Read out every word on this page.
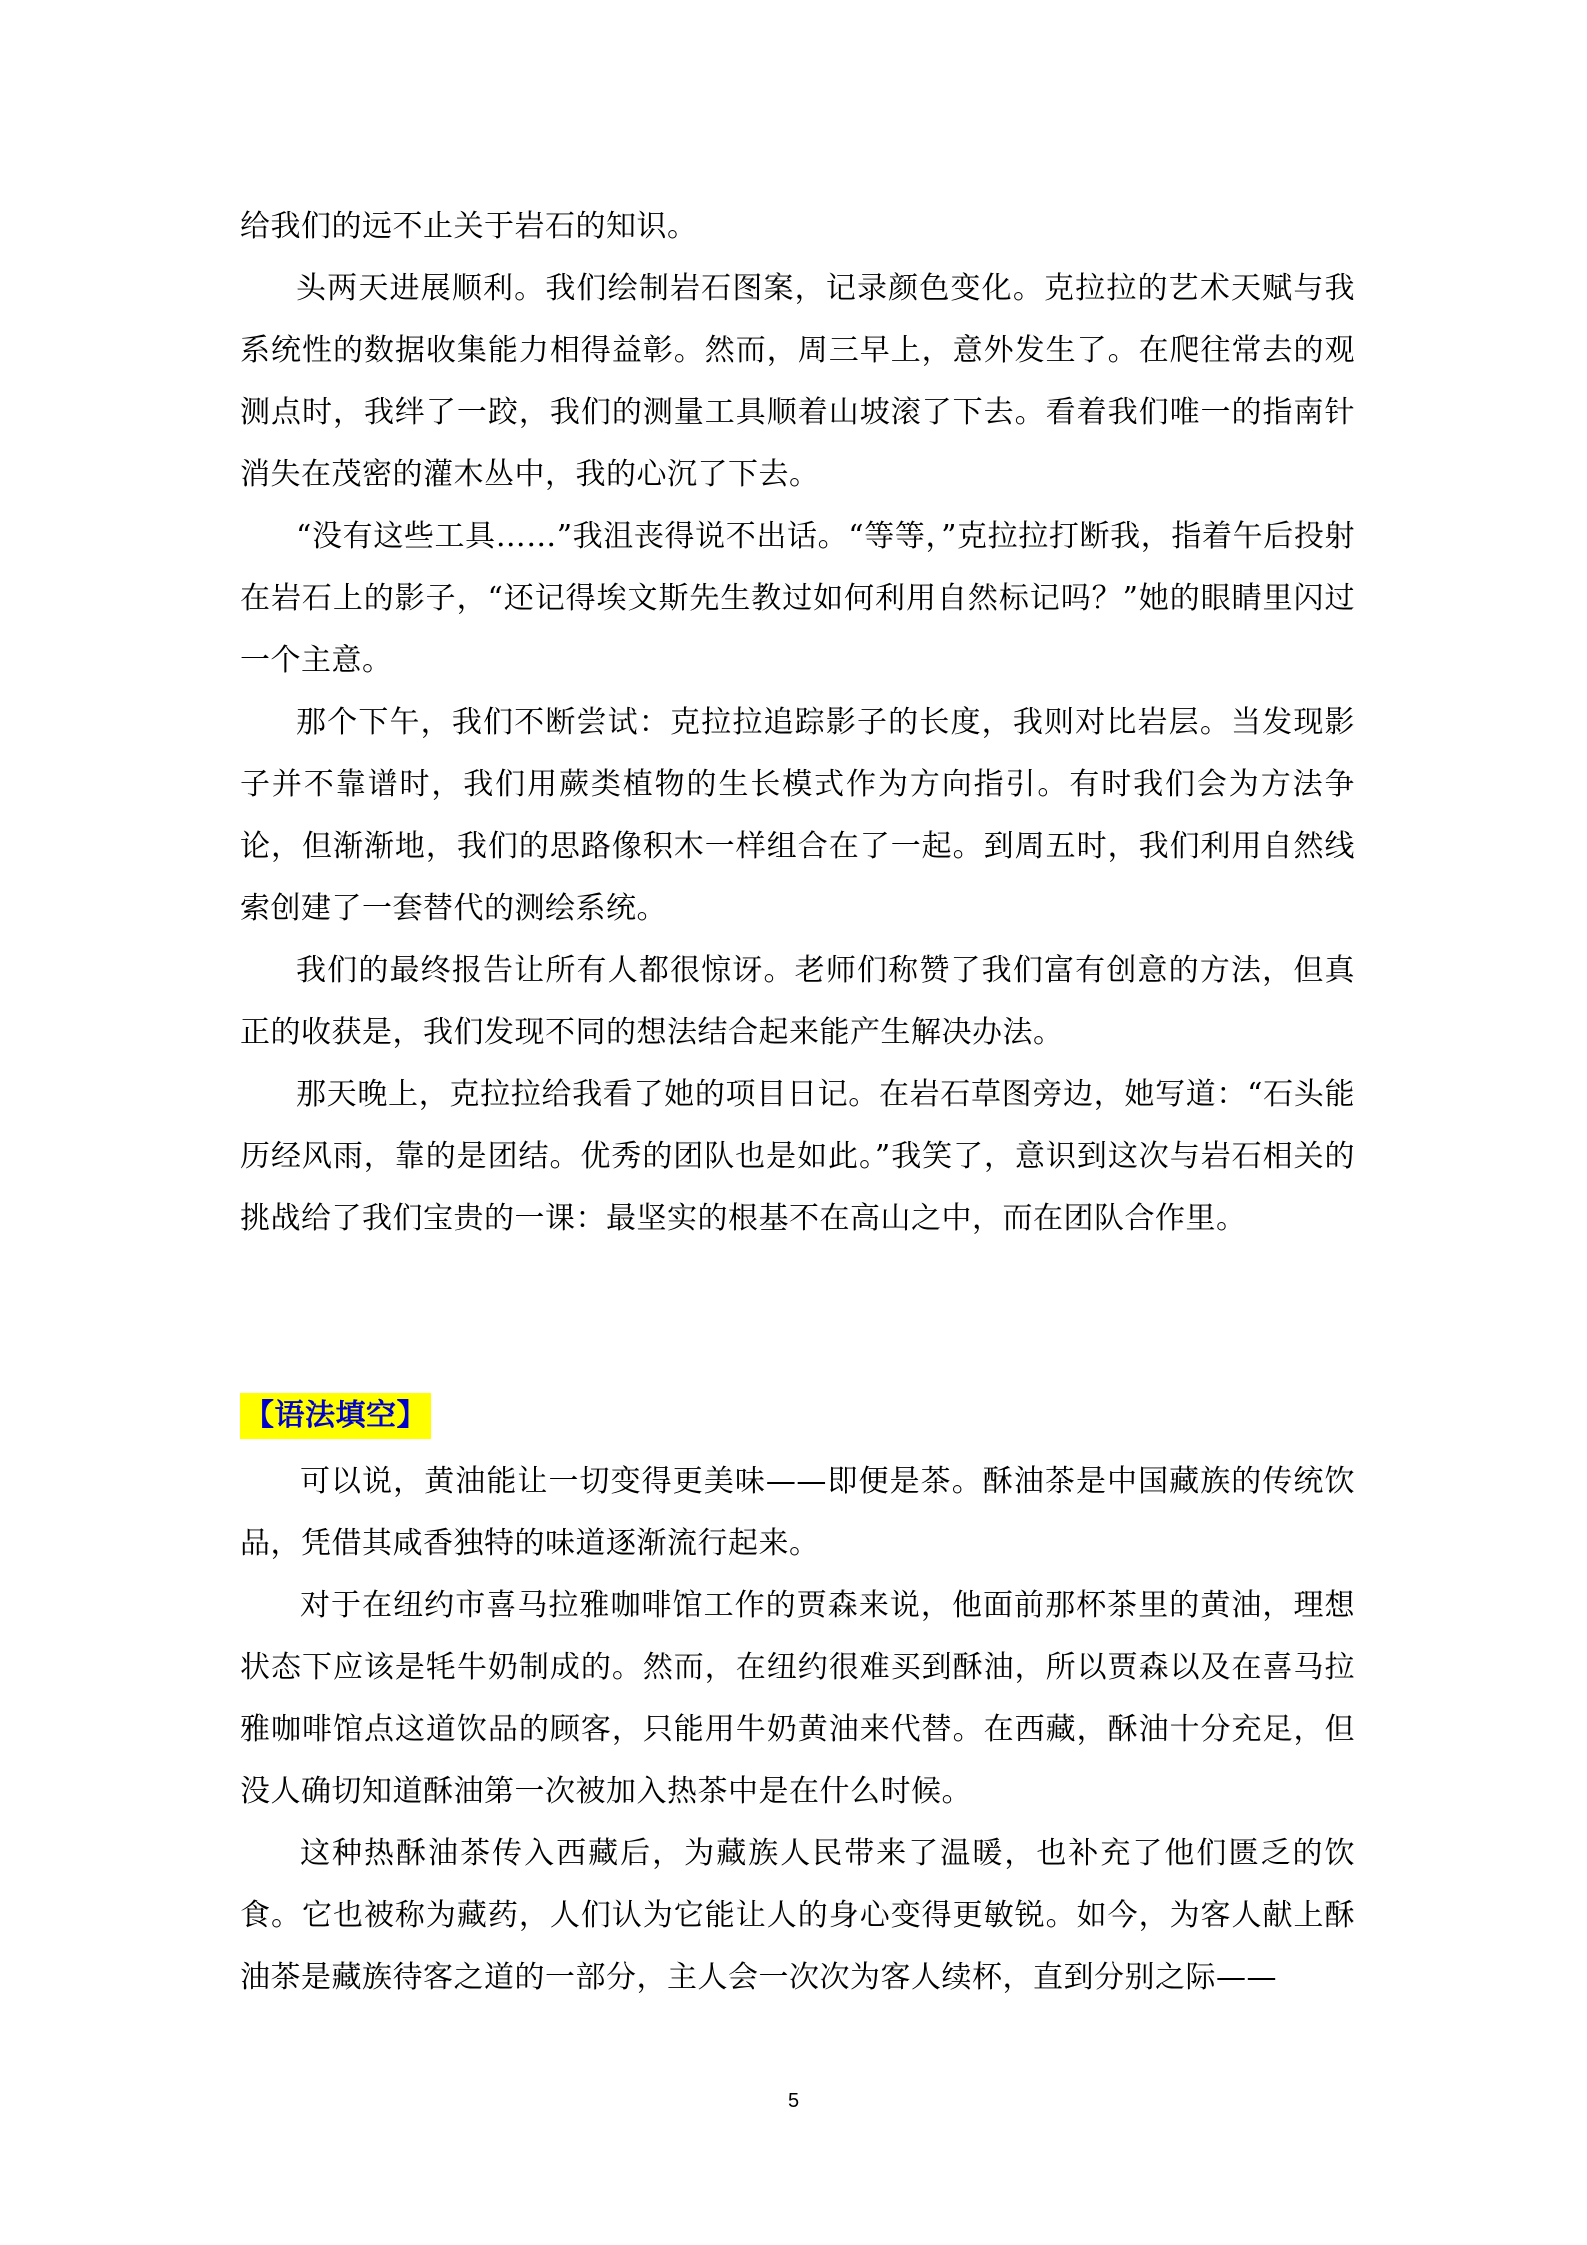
给我们的远不止关于岩石的知识。

头两天进展顺利。我们绘制岩石图案，记录颜色变化。克拉拉的艺术天赋与我系统性的数据收集能力相得益彰。然而，周三早上，意外发生了。在爬往常去的观测点时，我绊了一跤，我们的测量工具顺着山坡滚了下去。看着我们唯一的指南针消失在茂密的灌木丛中，我的心沉了下去。

“没有这些工具……”我沮丧得说不出话。“等等，”克拉拉打断我，指着午后投射在岩石上的影子，“还记得埃文斯先生教过如何利用自然标记吗？”她的眼睛里闪过一个主意。

那个下午，我们不断尝试：克拉拉追踪影子的长度，我则对比岩层。当发现影子并不靠谱时，我们用蕨类植物的生长模式作为方向指引。有时我们会为方法争论，但渐渐地，我们的思路像积木一样组合在了一起。到周五时，我们利用自然线索创建了一套替代的测绘系统。

我们的最终报告让所有人都很惊讶。老师们称赞了我们富有创意的方法，但真正的收获是，我们发现不同的想法结合起来能产生解决办法。

那天晚上，克拉拉给我看了她的项目日记。在岩石草图旁边，她写道：“石头能历经风雨，靠的是团结。优秀的团队也是如此。”我笑了，意识到这次与岩石相关的挑战给了我们宝贵的一课：最坚实的根基不在高山之中，而在团队合作里。

【语法填空】

可以说，黄油能让一切变得更美味——即便是茶。酥油茶是中国藏族的传统饮品，凭借其咸香独特的味道逐渐流行起来。

对于在纽约市喜马拉雅咖啡馆工作的贾森来说，他面前那杯茶里的黄油，理想状态下应该是牦牛奶制成的。然而，在纽约很难买到酥油，所以贾森以及在喜马拉雅咖啡馆点这道饮品的顾客，只能用牛奶黄油来代替。在西藏，酥油十分充足，但没人确切知道酥油第一次被加入热茶中是在什么时候。

这种热酥油茶传入西藏后，为藏族人民带来了温暖，也补充了他们匮乏的饮食。它也被称为藏药，人们认为它能让人的身心变得更敏锐。如今，为客人献上酥油茶是藏族待客之道的一部分，主人会一次次为客人续杯，直到分别之际——

5
